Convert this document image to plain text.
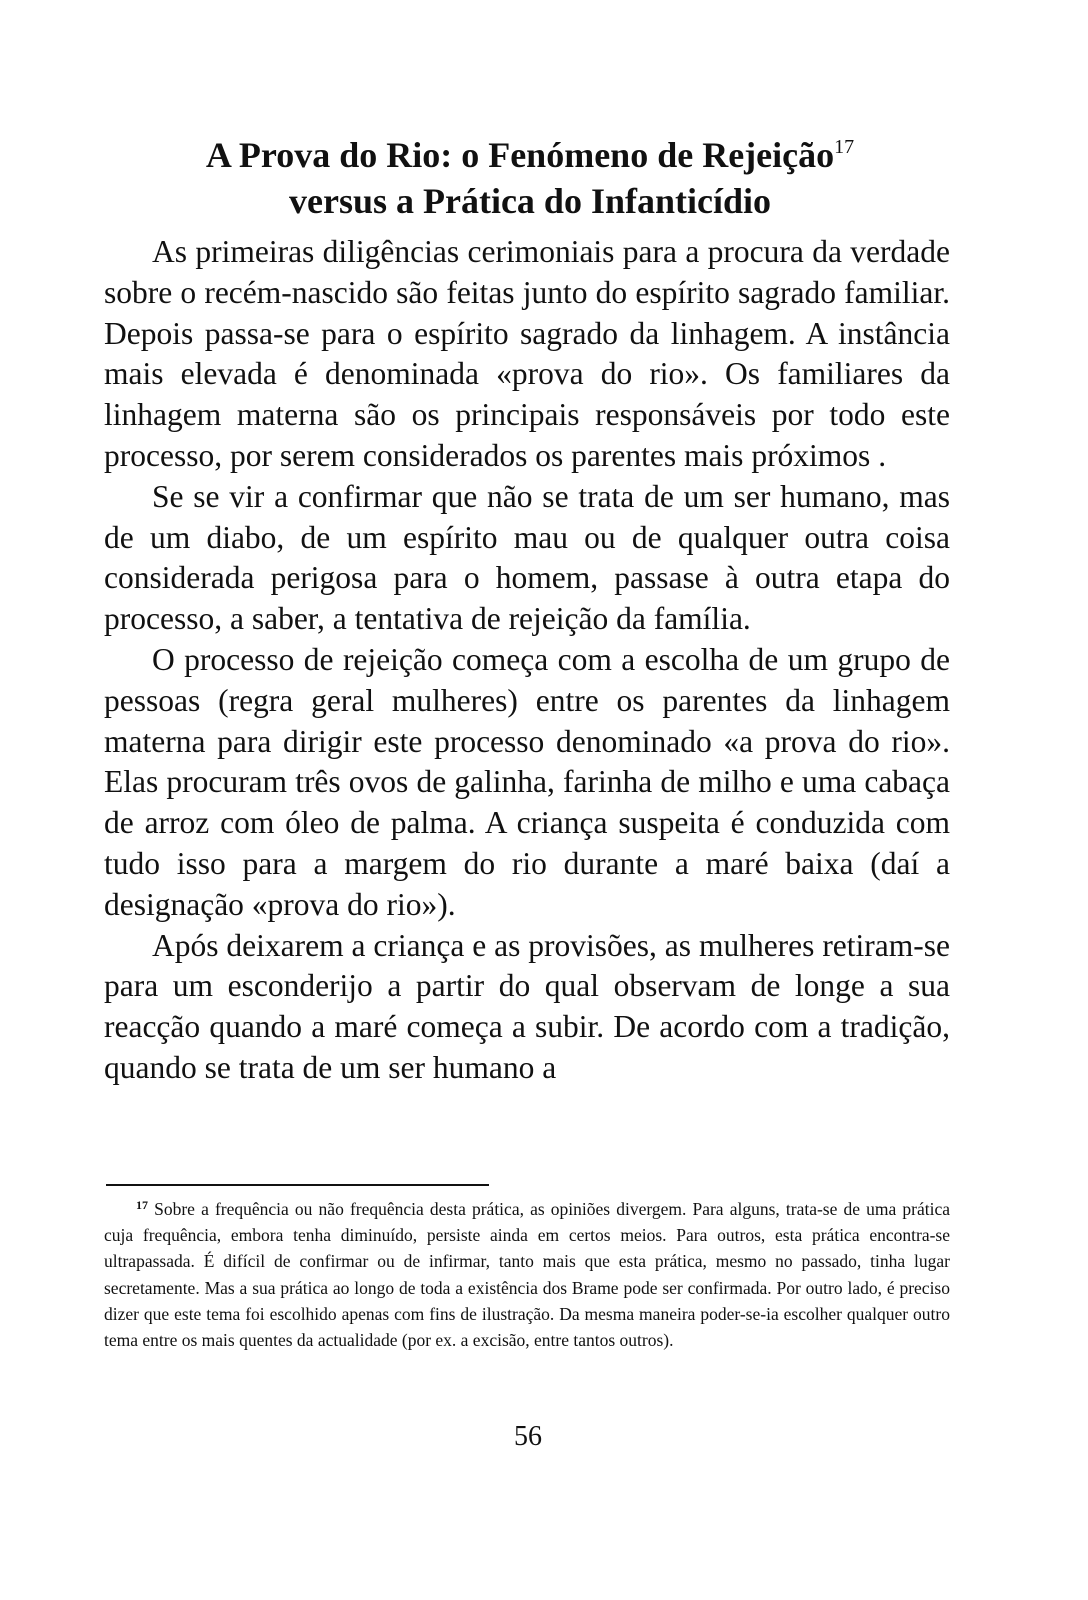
A Prova do Rio: o Fenómeno de Rejeição$^{17}$
versus a Prática do Infanticídio

As primeiras diligências cerimoniais para a procura da verdade sobre o recém-nascido são feitas junto do espírito sagrado familiar. Depois passa-se para o espírito sagrado da linhagem. A instância mais elevada é denominada «prova do rio». Os familiares da linhagem materna são os principais responsáveis por todo este processo, por serem considerados os parentes mais próximos .

Se se vir a confirmar que não se trata de um ser humano, mas de um diabo, de um espírito mau ou de qualquer outra coisa considerada perigosa para o homem, passase à outra etapa do processo, a saber, a tentativa de rejeição da família.

O processo de rejeição começa com a escolha de um grupo de pessoas (regra geral mulheres) entre os parentes da linhagem materna para dirigir este processo denominado «a prova do rio». Elas procuram três ovos de galinha, farinha de milho e uma cabaça de arroz com óleo de palma. A criança suspeita é conduzida com tudo isso para a margem do rio durante a maré baixa (daí a designação «prova do rio»).

Após deixarem a criança e as provisões, as mulheres retiram-se para um esconderijo a partir do qual observam de longe a sua reacção quando a maré começa a subir. De acordo com a tradição, quando se trata de um ser humano a

$^{17}$ Sobre a frequência ou não frequência desta prática, as opiniões divergem. Para alguns, trata-se de uma prática cuja frequência, embora tenha diminuído, persiste ainda em certos meios. Para outros, esta prática encontra-se ultrapassada. É difícil de confirmar ou de infirmar, tanto mais que esta prática, mesmo no passado, tinha lugar secretamente. Mas a sua prática ao longo de toda a existência dos Brame pode ser confirmada. Por outro lado, é preciso dizer que este tema foi escolhido apenas com fins de ilustração. Da mesma maneira poder-se-ia escolher qualquer outro tema entre os mais quentes da actualidade (por ex. a excisão, entre tantos outros).
56
